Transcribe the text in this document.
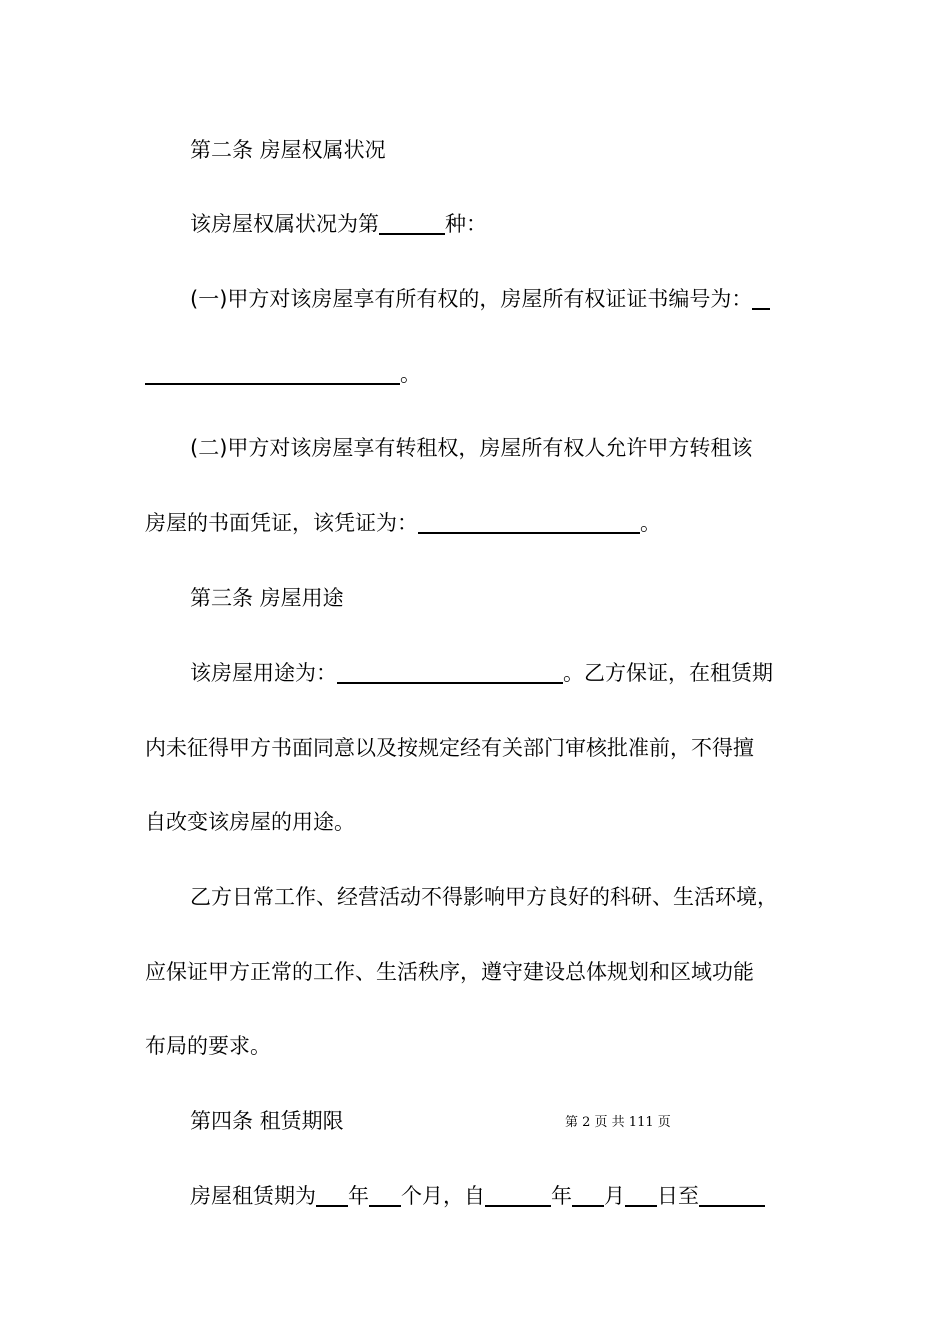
第二条 房屋权属状况
该房屋权属状况为第	种：
(一)甲方对该房屋享有所有权的，房屋所有权证证书编号为：
。
(二)甲方对该房屋享有转租权，房屋所有权人允许甲方转租该
房屋的书面凭证，该凭证为：	。
第三条 房屋用途
该房屋用途为：	。乙方保证，在租赁期
内未征得甲方书面同意以及按规定经有关部门审核批准前，不得擅
自改变该房屋的用途。
乙方日常工作、经营活动不得影响甲方良好的科研、生活环境，
应保证甲方正常的工作、生活秩序，遵守建设总体规划和区域功能
布局的要求。
第四条 租赁期限	第 2 页 共 111 页
房屋租赁期为 年 个月，自	年 月 日至
